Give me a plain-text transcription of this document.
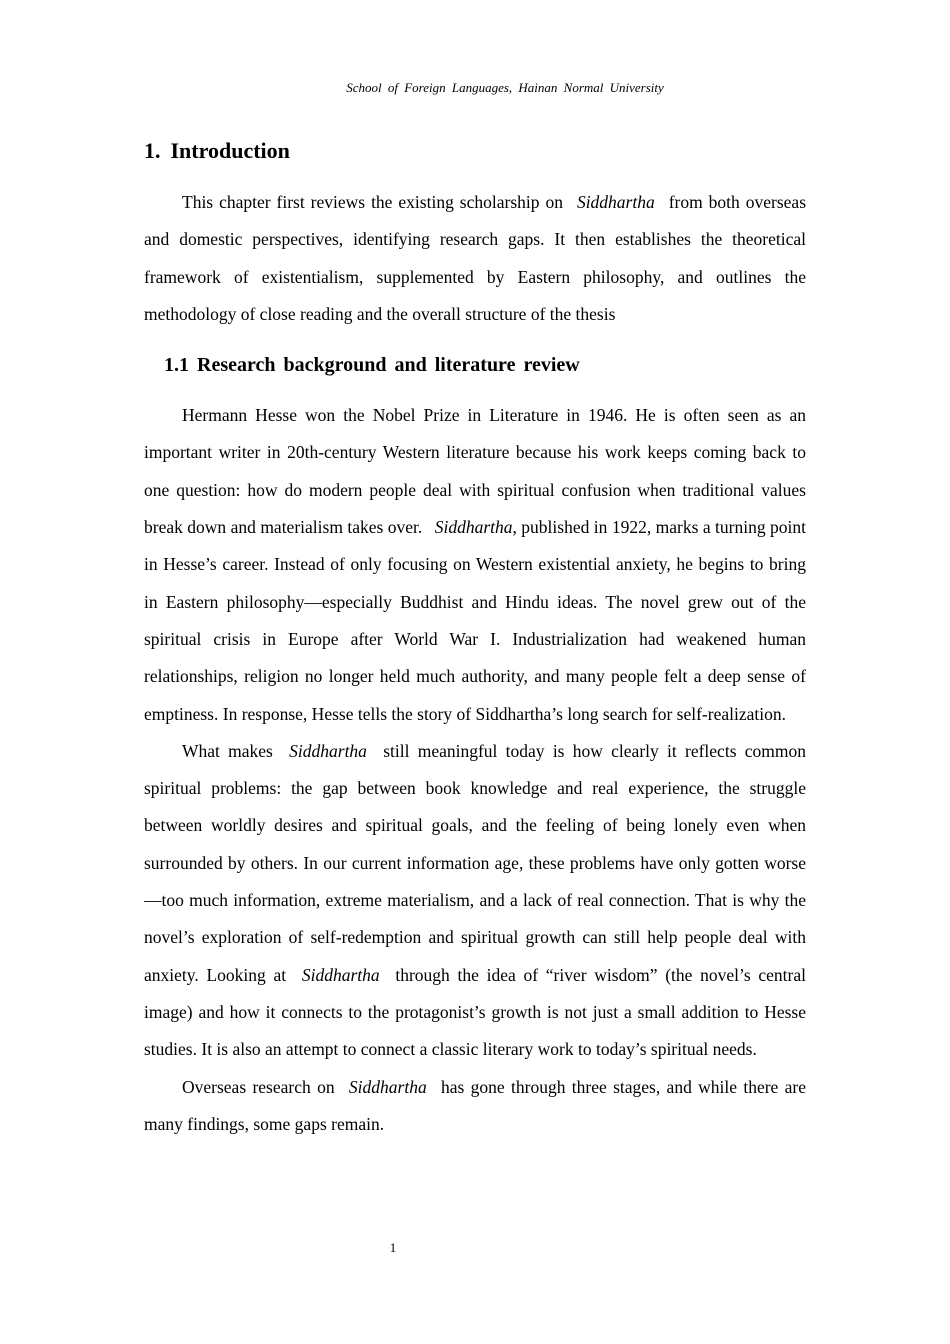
School of Foreign Languages, Hainan Normal University
1. Introduction

This chapter first reviews the existing scholarship on Siddhartha from both overseas and domestic perspectives, identifying research gaps. It then establishes the theoretical framework of existentialism, supplemented by Eastern philosophy, and outlines the methodology of close reading and the overall structure of the thesis

1.1 Research background and literature review

Hermann Hesse won the Nobel Prize in Literature in 1946. He is often seen as an important writer in 20th-century Western literature because his work keeps coming back to one question: how do modern people deal with spiritual confusion when traditional values break down and materialism takes over. Siddhartha, published in 1922, marks a turning point in Hesse’s career. Instead of only focusing on Western existential anxiety, he begins to bring in Eastern philosophy—especially Buddhist and Hindu ideas. The novel grew out of the spiritual crisis in Europe after World War I. Industrialization had weakened human relationships, religion no longer held much authority, and many people felt a deep sense of emptiness. In response, Hesse tells the story of Siddhartha’s long search for self-realization.

What makes Siddhartha still meaningful today is how clearly it reflects common spiritual problems: the gap between book knowledge and real experience, the struggle between worldly desires and spiritual goals, and the feeling of being lonely even when surrounded by others. In our current information age, these problems have only gotten worse—too much information, extreme materialism, and a lack of real connection. That is why the novel’s exploration of self-redemption and spiritual growth can still help people deal with anxiety. Looking at Siddhartha through the idea of “river wisdom” (the novel’s central image) and how it connects to the protagonist’s growth is not just a small addition to Hesse studies. It is also an attempt to connect a classic literary work to today’s spiritual needs.

Overseas research on Siddhartha has gone through three stages, and while there are many findings, some gaps remain.

1
